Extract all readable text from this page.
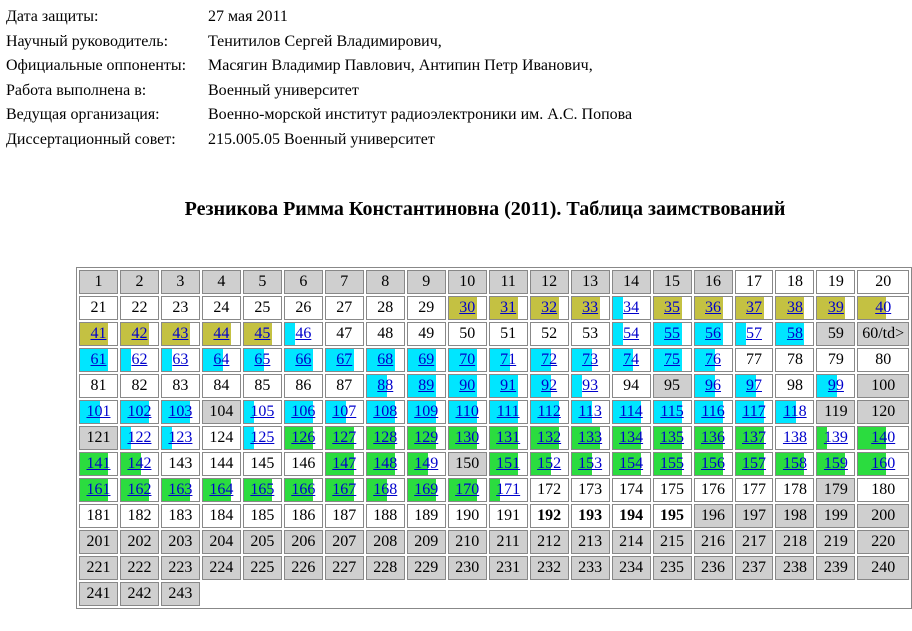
Дата защиты:	27 мая 2011
Научный руководитель:	Тенитилов Сергей Владимирович,
Официальные оппоненты:	Масягин Владимир Павлович, Антипин Петр Иванович,
Работа выполнена в:	Военный университет
Ведущая организация:	Военно-морской институт радиоэлектроники им. А.С. Попова
Диссертационный совет:	215.005.05 Военный университет
Резникова Римма Константиновна (2011). Таблица заимствований
1	2	3	4	5	6	7	8	9	10	11	12	13	14	15	16	17	18	19	20
21	22	23	24	25	26	27	28	29	30	31	32	33	34	35	36	37	38	39	40
41	42	43	44	45	46	47	48	49	50	51	52	53	54	55	56	57	58	59	60/td>
61	62	63	64	65	66	67	68	69	70	71	72	73	74	75	76	77	78	79	80
81	82	83	84	85	86	87	88	89	90	91	92	93	94	95	96	97	98	99	100
101	102	103	104	105	106	107	108	109	110	111	112	113	114	115	116	117	118	119	120
121	122	123	124	125	126	127	128	129	130	131	132	133	134	135	136	137	138	139	140
141	142	143	144	145	146	147	148	149	150	151	152	153	154	155	156	157	158	159	160
161	162	163	164	165	166	167	168	169	170	171	172	173	174	175	176	177	178	179	180
181	182	183	184	185	186	187	188	189	190	191	192	193	194	195	196	197	198	199	200
201	202	203	204	205	206	207	208	209	210	211	212	213	214	215	216	217	218	219	220
221	222	223	224	225	226	227	228	229	230	231	232	233	234	235	236	237	238	239	240
241	242	243																	
